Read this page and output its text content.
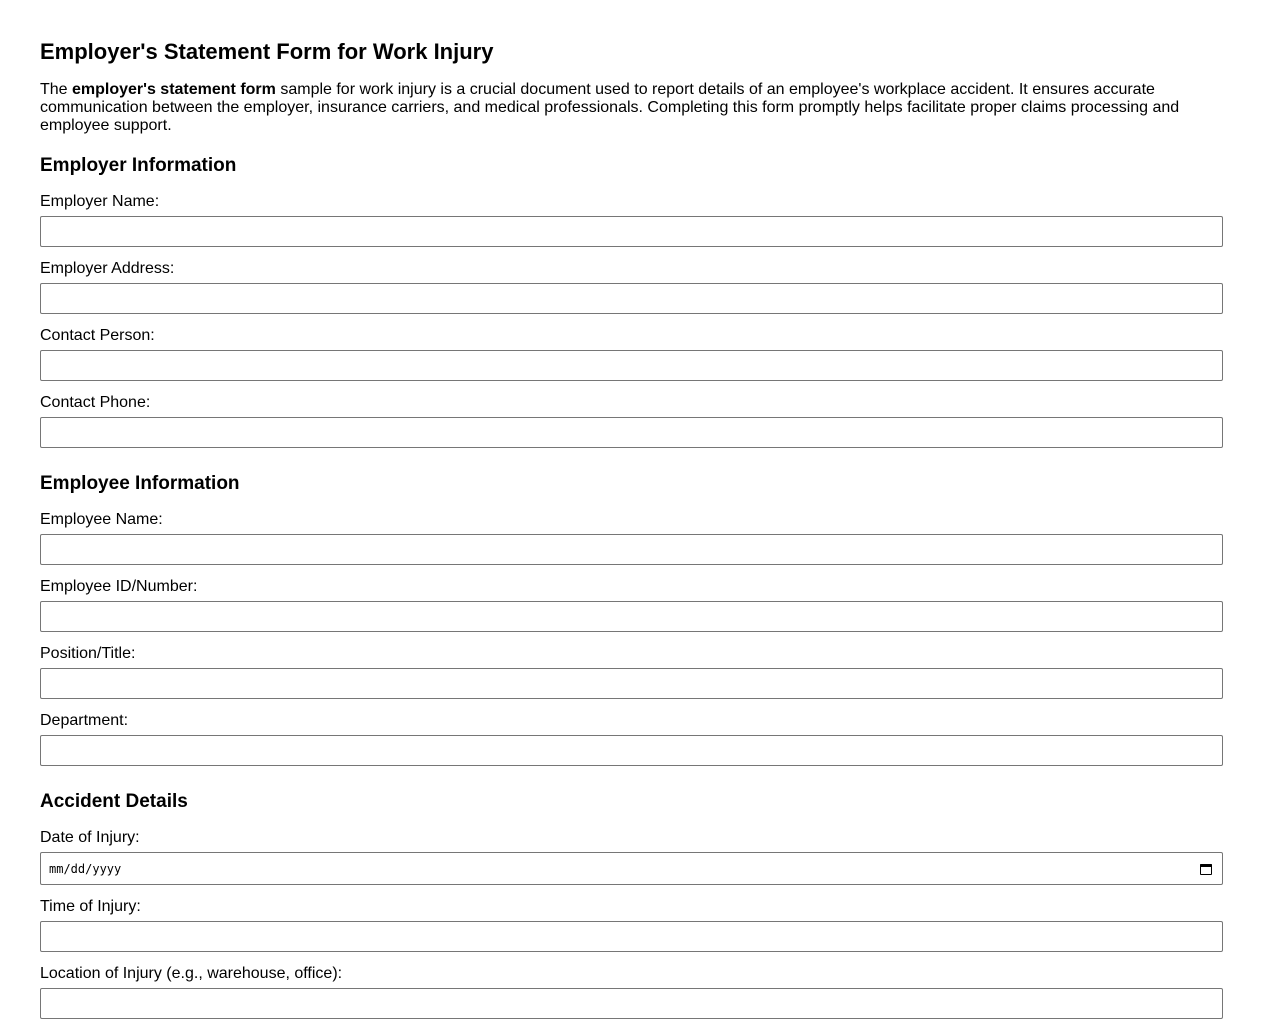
Employer's Statement Form for Work Injury

The employer's statement form sample for work injury is a crucial document used to report details of an employee's workplace accident. It ensures accurate communication between the employer, insurance carriers, and medical professionals. Completing this form promptly helps facilitate proper claims processing and employee support.

Employer Information
Employer Name:
Employer Address:
Contact Person:
Contact Phone:
Employee Information
Employee Name:
Employee ID/Number:
Position/Title:
Department:
Accident Details
Date of Injury:
mm/dd/yyyy
Time of Injury:
Location of Injury (e.g., warehouse, office):
